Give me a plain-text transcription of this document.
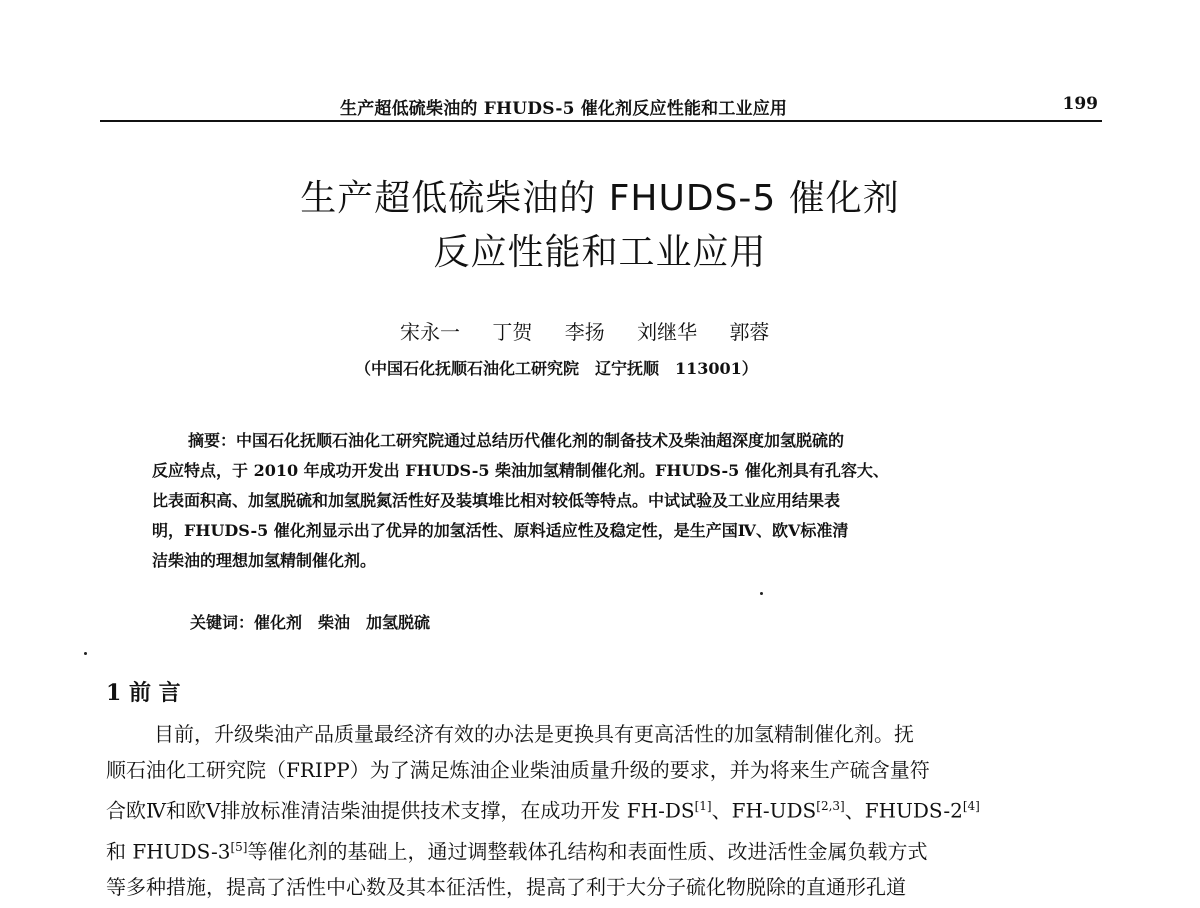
生产超低硫柴油的 FHUDS-5 催化剂反应性能和工业应用	199
生产超低硫柴油的 FHUDS-5 催化剂
反应性能和工业应用
宋永一 丁贺 李扬 刘继华 郭蓉
（中国石化抚顺石油化工研究院　辽宁抚顺　113001）
摘要：中国石化抚顺石油化工研究院通过总结历代催化剂的制备技术及柴油超深度加氢脱硫的
反应特点，于 2010 年成功开发出 FHUDS-5 柴油加氢精制催化剂。FHUDS-5 催化剂具有孔容大、
比表面积高、加氢脱硫和加氢脱氮活性好及装填堆比相对较低等特点。中试试验及工业应用结果表
明，FHUDS-5 催化剂显示出了优异的加氢活性、原料适应性及稳定性，是生产国Ⅳ、欧Ⅴ标准清
洁柴油的理想加氢精制催化剂。
关键词：催化剂 柴油 加氢脱硫
1 前 言
目前，升级柴油产品质量最经济有效的办法是更换具有更高活性的加氢精制催化剂。抚
顺石油化工研究院（FRIPP）为了满足炼油企业柴油质量升级的要求，并为将来生产硫含量符
合欧Ⅳ和欧Ⅴ排放标准清洁柴油提供技术支撑，在成功开发 FH-DS[1]、FH-UDS[2,3]、FHUDS-2[4]
和 FHUDS-3[5]等催化剂的基础上，通过调整载体孔结构和表面性质、改进活性金属负载方式
等多种措施，提高了活性中心数及其本征活性，提高了利于大分子硫化物脱除的直通形孔道
